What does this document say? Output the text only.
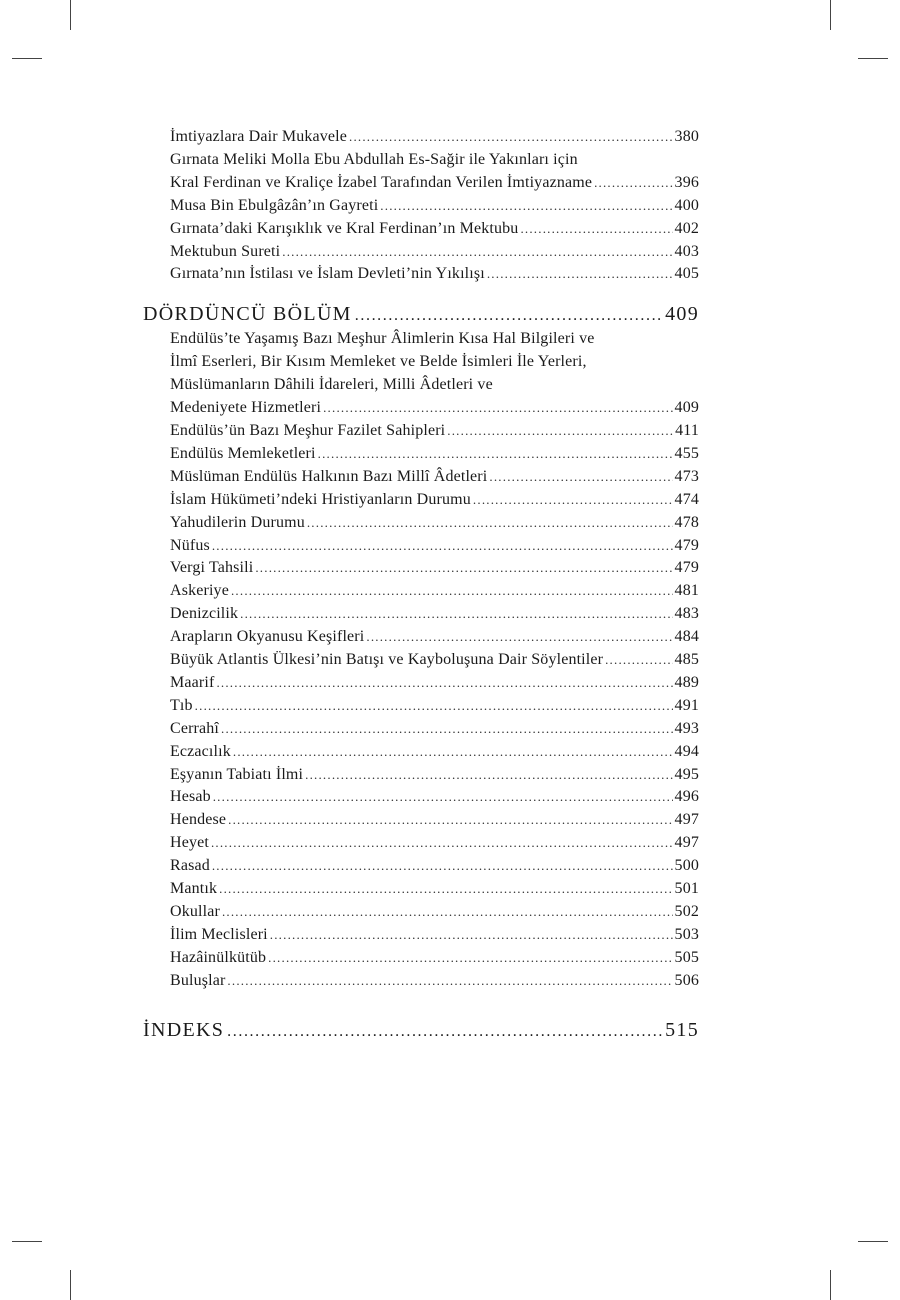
İmtiyazlara Dair Mukavele .....	380
Gırnata Meliki Molla Ebu Abdullah Es-Sağir ile Yakınları için
Kral Ferdinan ve Kraliçe İzabel Tarafından Verilen İmtiyazname .....	396
Musa Bin Ebulgâzân’ın Gayreti .....	400
Gırnata’daki Karışıklık ve Kral Ferdinan’ın Mektubu .....	402
Mektubun Sureti .....	403
Gırnata’nın İstilası ve İslam Devleti’nin Yıkılışı .....	405
DÖRDÜNCÜ BÖLÜM .....	409
Endülüs’te Yaşamış Bazı Meşhur Âlimlerin Kısa Hal Bilgileri ve
İlmî Eserleri, Bir Kısım Memleket ve Belde İsimleri İle Yerleri,
Müslümanların Dâhili İdareleri, Milli Âdetleri ve
Medeniyete Hizmetleri .....	409
Endülüs’ün Bazı Meşhur Fazilet Sahipleri .....	411
Endülüs Memleketleri .....	455
Müslüman Endülüs Halkının Bazı Millî Âdetleri .....	473
İslam Hükümeti’ndeki Hristiyanların Durumu .....	474
Yahudilerin Durumu .....	478
Nüfus .....	479
Vergi Tahsili .....	479
Askeriye .....	481
Denizcilik .....	483
Arapların Okyanusu Keşifleri .....	484
Büyük Atlantis Ülkesi’nin Batışı ve Kayboluşuna Dair Söylentiler .....	485
Maarif .....	489
Tıb .....	491
Cerrahî .....	493
Eczacılık .....	494
Eşyanın Tabiatı İlmi .....	495
Hesab .....	496
Hendese .....	497
Heyet .....	497
Rasad .....	500
Mantık .....	501
Okullar .....	502
İlim Meclisleri .....	503
Hazâinülkütüb .....	505
Buluşlar .....	506
İNDEKS .....	515
